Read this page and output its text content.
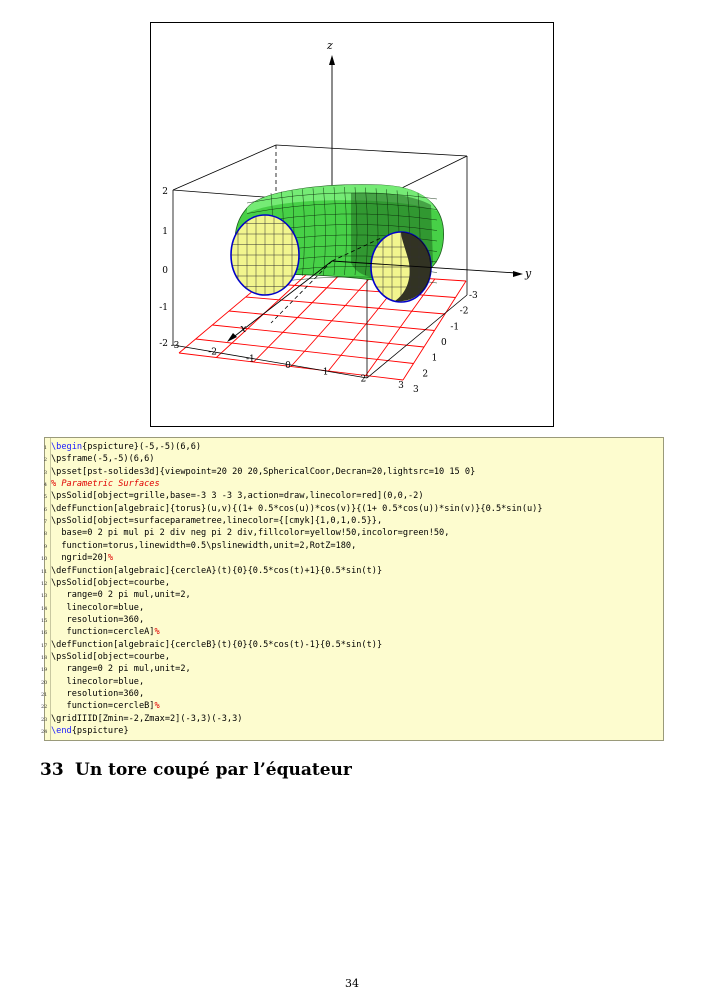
z
y
x
2
1
0
-1
-2 -3
-2
-1
0
1
2
3
-3
-2
-1
0
1
2
3
1 \begin{pspicture}(-5,-5)(6,6)
2 \psframe(-5,-5)(6,6)
3 \psset[pst-solides3d]{viewpoint=20 20 20,SphericalCoor,Decran=20,lightsrc=10 15 0}
4 % Parametric Surfaces
5 \psSolid[object=grille,base=-3 3 -3 3,action=draw,linecolor=red](0,0,-2)
6 \defFunction[algebraic]{torus}(u,v){(1+ 0.5*cos(u))*cos(v)}{(1+ 0.5*cos(u))*sin(v)}{0.5*sin(u)}
7 \psSolid[object=surfaceparametree,linecolor={[cmyk]{1,0,1,0.5}},
8 base=0 2 pi mul pi 2 div neg pi 2 div,fillcolor=yellow!50,incolor=green!50,
9 function=torus,linewidth=0.5\pslinewidth,unit=2,RotZ=180,
10 ngrid=20]%
11 \defFunction[algebraic]{cercleA}(t){0}{0.5*cos(t)+1}{0.5*sin(t)}
12 \psSolid[object=courbe,
13 range=0 2 pi mul,unit=2,
14 linecolor=blue,
15 resolution=360,
16 function=cercleA]%
17 \defFunction[algebraic]{cercleB}(t){0}{0.5*cos(t)-1}{0.5*sin(t)}
18 \psSolid[object=courbe,
19 range=0 2 pi mul,unit=2,
20 linecolor=blue,
21 resolution=360,
22 function=cercleB]%
23 \gridIIID[Zmin=-2,Zmax=2](-3,3)(-3,3)
24 \end{pspicture}
33 Un tore coupé par l’équateur
34
